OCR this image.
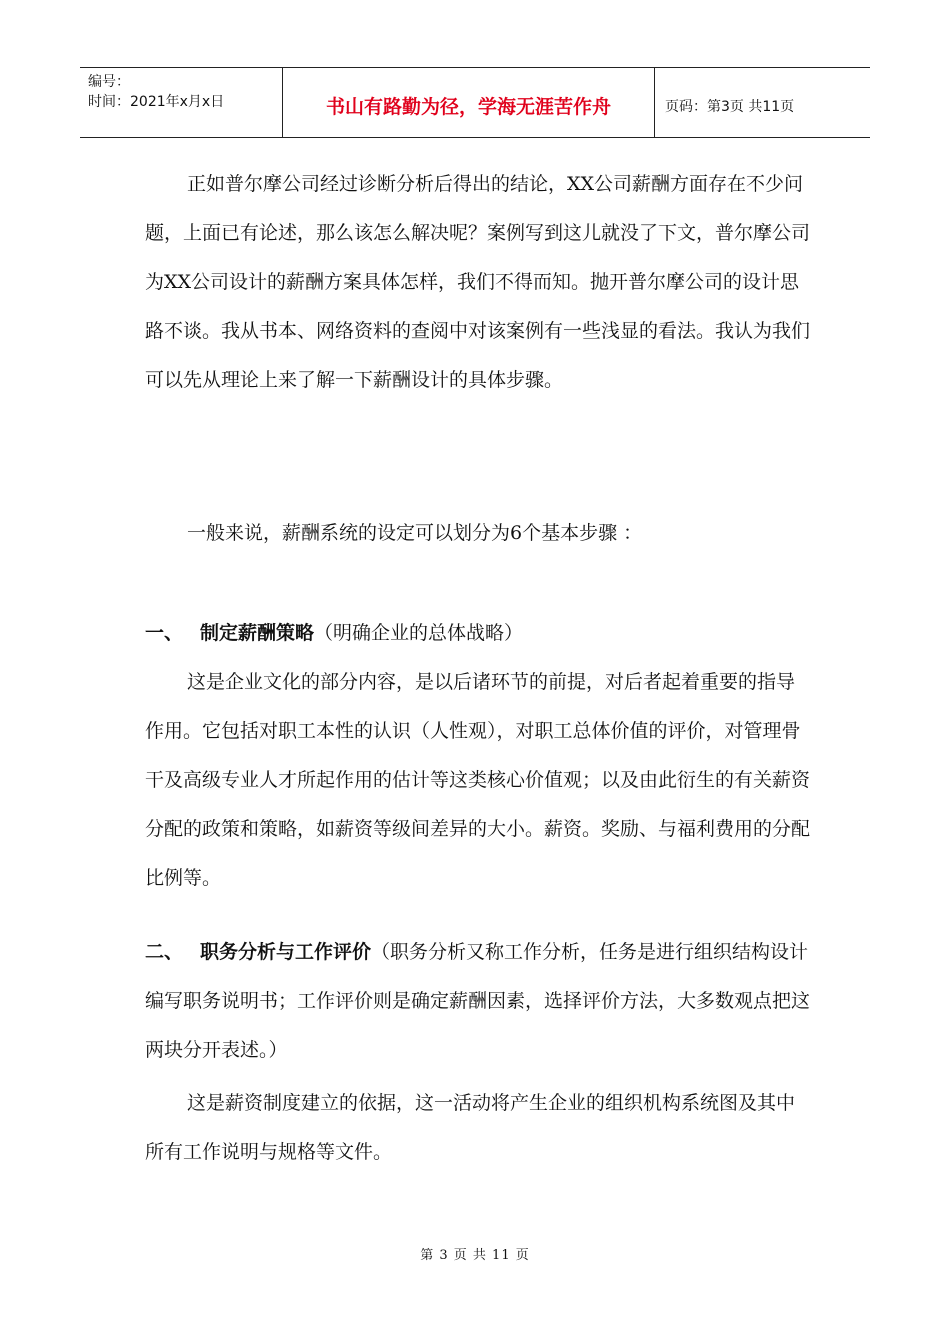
编号：
时间：2021年x月x日	书山有路勤为径，学海无涯苦作舟	页码：第3页 共11页

正如普尔摩公司经过诊断分析后得出的结论，XX公司薪酬方面存在不少问题，上面已有论述，那么该怎么解决呢？案例写到这儿就没了下文，普尔摩公司为XX公司设计的薪酬方案具体怎样，我们不得而知。抛开普尔摩公司的设计思路不谈。我从书本、网络资料的查阅中对该案例有一些浅显的看法。我认为我们可以先从理论上来了解一下薪酬设计的具体步骤。

一般来说，薪酬系统的设定可以划分为6个基本步骤 ：

一、 制定薪酬策略（明确企业的总体战略）

这是企业文化的部分内容，是以后诸环节的前提，对后者起着重要的指导作用。它包括对职工本性的认识（人性观），对职工总体价值的评价，对管理骨干及高级专业人才所起作用的估计等这类核心价值观；以及由此衍生的有关薪资分配的政策和策略，如薪资等级间差异的大小。薪资。奖励、与福利费用的分配比例等。

二、 职务分析与工作评价（职务分析又称工作分析，任务是进行组织结构设计编写职务说明书；工作评价则是确定薪酬因素，选择评价方法，大多数观点把这两块分开表述。）

这是薪资制度建立的依据，这一活动将产生企业的组织机构系统图及其中所有工作说明与规格等文件。

第 3 页 共 11 页
